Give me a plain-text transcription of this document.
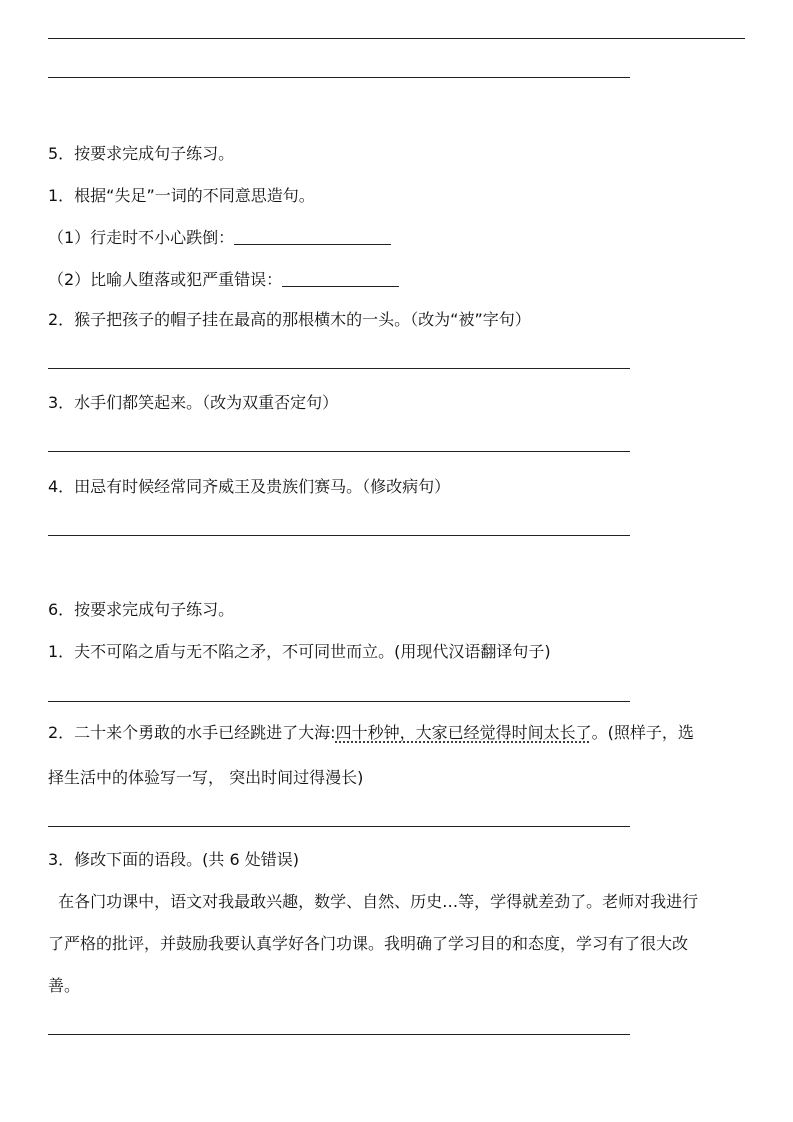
5．按要求完成句子练习。
1．根据“失足”一词的不同意思造句。
（1）行走时不小心跌倒：
（2）比喻人堕落或犯严重错误：
2．猴子把孩子的帽子挂在最高的那根横木的一头。（改为“被”字句）
3．水手们都笑起来。（改为双重否定句）
4．田忌有时候经常同齐威王及贵族们赛马。（修改病句）
6．按要求完成句子练习。
1．夫不可陷之盾与无不陷之矛，不可同世而立。(用现代汉语翻译句子)
2．二十来个勇敢的水手已经跳进了大海:四十秒钟，大家已经觉得时间太长了。(照样子，选
择生活中的体验写一写， 突出时间过得漫长)
3．修改下面的语段。(共 6 处错误)
在各门功课中，语文对我最敢兴趣，数学、自然、历史…等，学得就差劲了。老师对我进行
了严格的批评，并鼓励我要认真学好各门功课。我明确了学习目的和态度，学习有了很大改
善。
